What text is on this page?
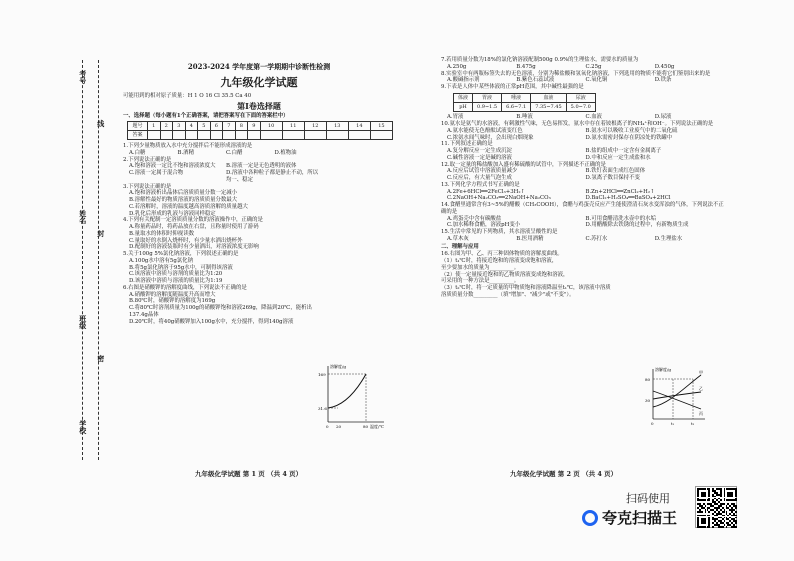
考号
线
姓名
封
班级
密
学校
2023-2024 学年度第一学期期中诊断性检测
九年级化学试题
可能用到的相对原子质量：H 1 O 16 Cl 35.5 Ca 40
第Ⅰ卷选择题
一、选择题（每小题有1个正确答案，请把答案写在下面的答案栏中）
题号	1	2	3	4	5	6	7	8	9	10	11	12	13	14	15
答案															
1.下列少量物质放入水中充分搅拌后不能形成溶液的是
A.白糖	B.酒精	C.白醋	D.植物油
2.下列说法正确的是
A.饱和溶液一定比不饱和溶液浓度大	B.溶液一定是无色透明的液体
C.溶液一定属于混合物	D.溶液中各种粒子都是静止不动，所以均一、稳定
3.下列说法正确的是
A.饱和溶液析出晶体后溶质质量分数一定减小
B.溶解性最好的物质溶液的溶质质量分数最大
C.若溶解时，溶液的温度越高溶质溶解的质量越大
D.乳化后形成的乳液与溶液同样稳定
4.下列有关配制一定溶质质量分数的溶液操作中，正确的是
A.称量药品时，将药品放在右盘，且称量时使用了游码
B.量取水的体积时仰视读数
C.量取好的水倒入烧杯时，有少量水洒出烧杯外
D.配制好的溶液装瓶时有少量洒出，对溶液浓度无影响
5.关于100g 5%氯化钠溶液，下列叙述正确的是
A.100g水中溶有5g氯化钠
B.将5g氯化钠溶于95g水中，可制得该溶液
C.该溶液中溶质与溶剂的质量比为1:20
D.该溶液中溶质与溶液的质量比为1:19
6.右图是硝酸钾的溶解度曲线，下列说法不正确的是
A.硝酸钾的溶解度随温度升高而增大
B.80℃时，硝酸钾的溶解度为169g
C.将80℃时溶剂质量为100g的硝酸钾饱和溶液269g，降温到20℃，能析出137.4g晶体
D.20℃时，将40g硝酸钾加入100g水中，充分搅拌，得到140g溶液
溶解度/g
169
31.6
0 20	80 温度/℃
九年级化学试题 第 1 页 （共 4 页）
7.若用质量分数为18%的氯化钠溶液配制500g 0.9%的生理盐水，需要水的质量为
A.250g	B.475g	C.25g	D.450g
8.实验室中有两瓶标签失去的无色溶液，分别为稀盐酸和氢氧化钠溶液，下列选用的物质不能将它们鉴别出来的是
A.酸碱指示剂	B.紫色石蕊试液	C.氧化铜	D.铁条
9.下表是人体中某些体液的正常pH范围，其中碱性最强的是
体液	胃液	唾液	血液	尿液
pH	0.9~1.5	6.6~7.1	7.35~7.45	5.0~7.0
A.胃液	B.唾液	C.血液	D.尿液
10.氨水是氨气的水溶液，有刺激性气味，无色易挥发，氨水中存在着铵根离子的NH₄⁺和OH⁻。下列说法正确的是
A.氨水能使无色酚酞试液变红色	B.氨水可以吸收工业废气中的二氧化硫
C.浓氨水闻气味时，会出现白烟现象	D.氨水需密封保存在阴凉处的铁罐中
11.下列叙述正确的是
A.复分解反应一定生成沉淀	B.盐的组成中一定含有金属离子
C.碱性溶液一定是碱的溶液	D.中和反应一定生成盐和水
12.取一定量的稀盐酸加入盛有稀硫酸的试管中，下列描述不正确的是
A.反应后试管中溶液质量减少	B.铁钉表面生成红色固体
C.反应后，有大量气泡生成	D.氢离子数目保持不变
13.下列化学方程式书写正确的是
A.2Fe+6HCl══2FeCl₃+3H₂↑	B.Zn+2HCl══ZnCl₂+H₂↑
C.2NaOH+Na₂CO₃══2NaOH+Na₂CO₃	D.BaCl₂+H₂SO₄══BaSO₄+2HCl
14.食醋里通常含有3~5%的醋酸（CH₃COOH），食醋与鸡蛋壳反应产生能使澄清石灰水变浑浊的气体，下列说法不正确的是
A.鸡蛋壳中含有碳酸盐	B.可用食醋清洗水壶中的水垢
C.加水稀释食醋，溶液pH变小	D.用醋酸除去铁锈的过程中，有新物质生成
15.生活中常见的下列物质，其水溶液呈酸性的是
A.草木灰	B.医用酒精	C.苏打水	D.生理盐水
二、理解与应用
16.右图为甲、乙、丙三种固体物质的溶解度曲线。
（1）t₁℃时，将接近饱和的溶液变成饱和溶液，
至少要加水的质量为_________。
（2）使一定量接近饱和的乙物质溶液变成饱和溶液，
可采用的一种方法是_________。
（3）t₂℃时，将一定质量的甲物质饱和溶液降温至t₁℃，该溶液中溶质
溶质质量分数_________（填"增加"、"减少"或"不变"）。
溶解度/g
80
30
甲
乙
丙
0	t₁	t₂
九年级化学试题 第 2 页 （共 4 页）
扫码使用
夸克扫描王
